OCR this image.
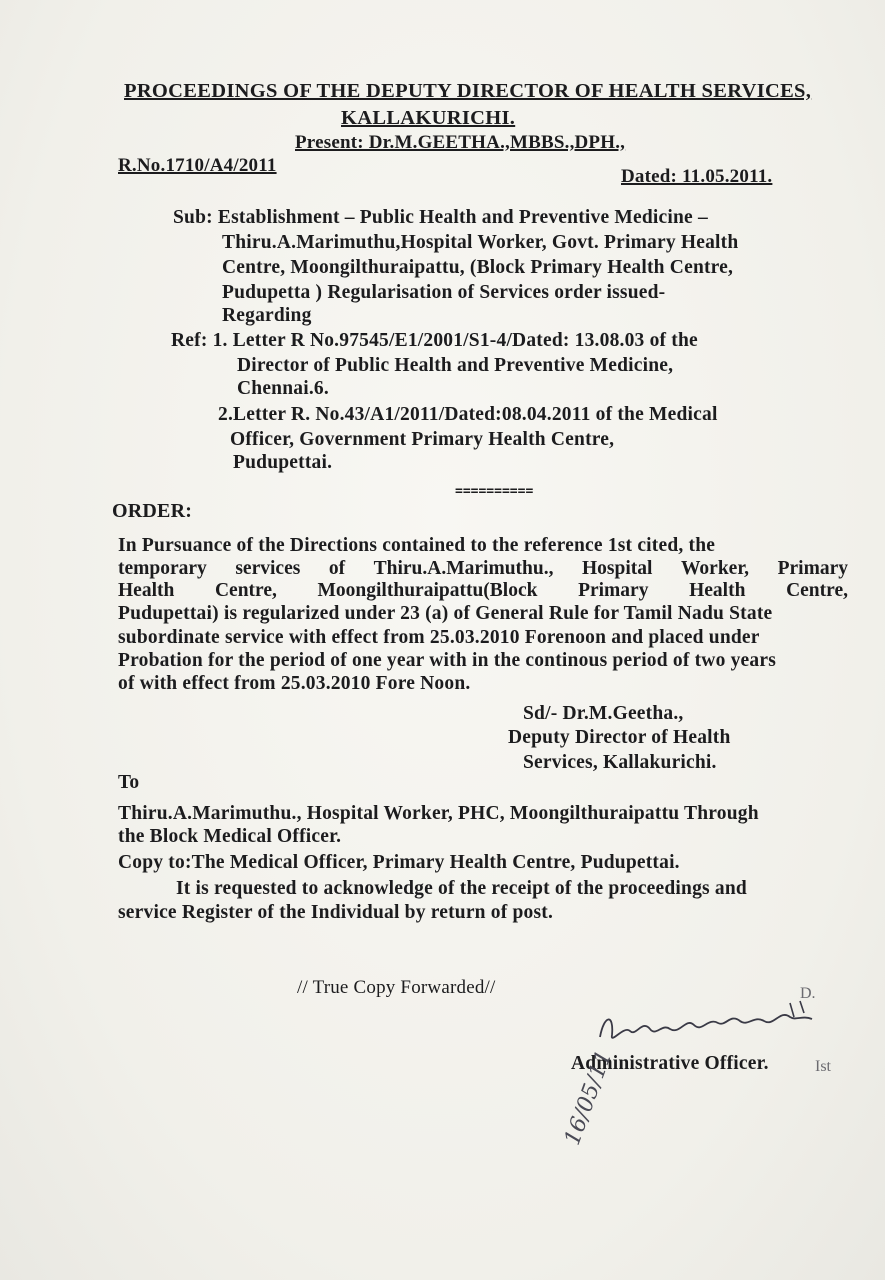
PROCEEDINGS OF THE DEPUTY DIRECTOR OF HEALTH SERVICES,
KALLAKURICHI.
Present: Dr.M.GEETHA.,MBBS.,DPH.,
R.No.1710/A4/2011
Dated: 11.05.2011.
Sub: Establishment – Public Health and Preventive Medicine –
Thiru.A.Marimuthu,Hospital Worker, Govt. Primary Health
Centre, Moongilthuraipattu, (Block Primary Health Centre,
Pudupetta ) Regularisation of Services order issued-
Regarding
Ref: 1. Letter R No.97545/E1/2001/S1-4/Dated: 13.08.03 of the
Director of Public Health and Preventive Medicine,
Chennai.6.
2.Letter R. No.43/A1/2011/Dated:08.04.2011 of the Medical
Officer, Government Primary Health Centre,
Pudupettai.
==========
ORDER:
In Pursuance of the Directions contained to the reference 1st cited, the
temporary services of Thiru.A.Marimuthu., Hospital Worker, Primary
Health Centre, Moongilthuraipattu(Block Primary Health Centre,
Pudupettai) is regularized under 23 (a) of General Rule for Tamil Nadu State
subordinate service with effect from 25.03.2010 Forenoon and placed under
Probation for the period of one year with in the continous period of two years
of with effect from 25.03.2010 Fore Noon.
Sd/- Dr.M.Geetha.,
Deputy Director of Health
Services, Kallakurichi.
To
Thiru.A.Marimuthu., Hospital Worker, PHC, Moongilthuraipattu Through
the Block Medical Officer.
Copy to:The Medical Officer, Primary Health Centre, Pudupettai.
It is requested to acknowledge of the receipt of the proceedings and
service Register of the Individual by return of post.
// True Copy Forwarded//
Administrative Officer.	Ist
D.
16/05/11
